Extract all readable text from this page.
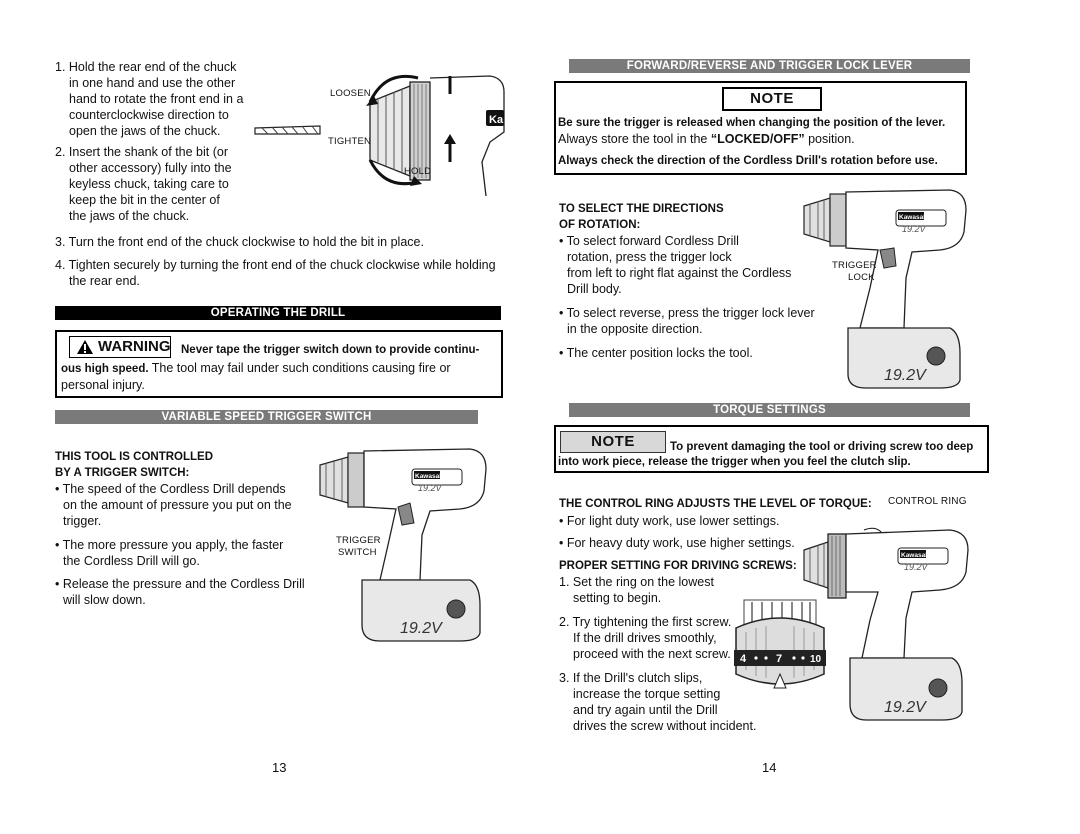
1. Hold the rear end of the chuck
in one hand and use the other
hand to rotate the front end in a
counterclockwise direction to
open the jaws of the chuck.
2. Insert the shank of the bit (or
other accessory) fully into the
keyless chuck, taking care to
keep the bit in the center of
the jaws of the chuck.
Ka
LOOSEN
TIGHTEN
HOLD
3. Turn the front end of the chuck clockwise to hold the bit in place.
4. Tighten securely by turning the front end of the chuck clockwise while holding
the rear end.
OPERATING THE DRILL
WARNING Never tape the trigger switch down to provide continu-
ous high speed. The tool may fail under such conditions causing fire or
personal injury.
VARIABLE SPEED TRIGGER SWITCH
THIS TOOL IS CONTROLLED
BY A TRIGGER SWITCH:
• The speed of the Cordless Drill depends
on the amount of pressure you put on the
trigger.
• The more pressure you apply, the faster
the Cordless Drill will go.
• Release the pressure and the Cordless Drill
will slow down.
Kawasaki
19.2V
19.2V
TRIGGER
SWITCH
13
FORWARD/REVERSE AND TRIGGER LOCK LEVER
NOTE
Be sure the trigger is released when changing the position of the lever.
Always store the tool in the “LOCKED/OFF” position.
Always check the direction of the Cordless Drill's rotation before use.
TO SELECT THE DIRECTIONS
OF ROTATION:
• To select forward Cordless Drill
rotation, press the trigger lock
from left to right flat against the Cordless
Drill body.
• To select reverse, press the trigger lock lever
in the opposite direction.
• The center position locks the tool.
Kawasaki
19.2V
19.2V
TRIGGER
LOCK
TORQUE SETTINGS
NOTE	To prevent damaging the tool or driving screw too deep
into work piece, release the trigger when you feel the clutch slip.
THE CONTROL RING ADJUSTS THE LEVEL OF TORQUE: CONTROL RING
• For light duty work, use lower settings.
• For heavy duty work, use higher settings.
PROPER SETTING FOR DRIVING SCREWS:
1. Set the ring on the lowest
setting to begin.
2. Try tightening the first screw.
If the drill drives smoothly,
proceed with the next screw.
3. If the Drill's clutch slips,
increase the torque setting
and try again until the Drill
drives the screw without incident.
4	7	10
Kawasaki
19.2V
19.2V
14
